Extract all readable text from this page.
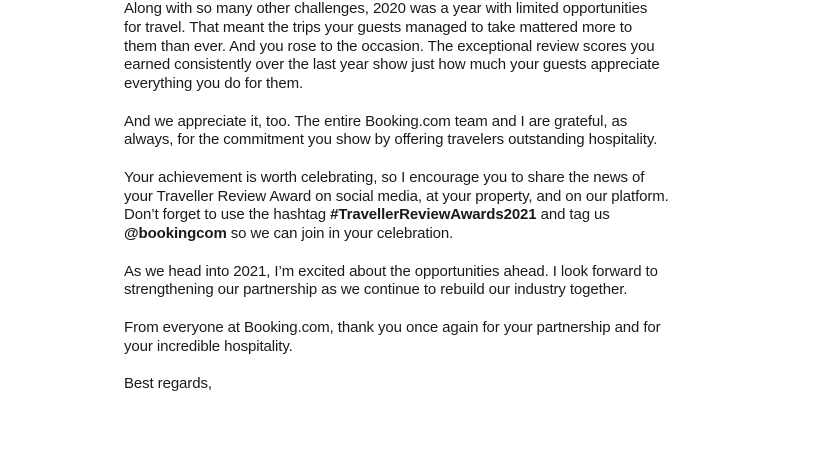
Along with so many other challenges, 2020 was a year with limited opportunities
for travel. That meant the trips your guests managed to take mattered more to
them than ever. And you rose to the occasion. The exceptional review scores you
earned consistently over the last year show just how much your guests appreciate
everything you do for them.

And we appreciate it, too. The entire Booking.com team and I are grateful, as
always, for the commitment you show by offering travelers outstanding hospitality.

Your achievement is worth celebrating, so I encourage you to share the news of
your Traveller Review Award on social media, at your property, and on our platform.
Don’t forget to use the hashtag #TravellerReviewAwards2021 and tag us
@bookingcom so we can join in your celebration.

As we head into 2021, I’m excited about the opportunities ahead. I look forward to
strengthening our partnership as we continue to rebuild our industry together.

From everyone at Booking.com, thank you once again for your partnership and for
your incredible hospitality.

Best regards,
